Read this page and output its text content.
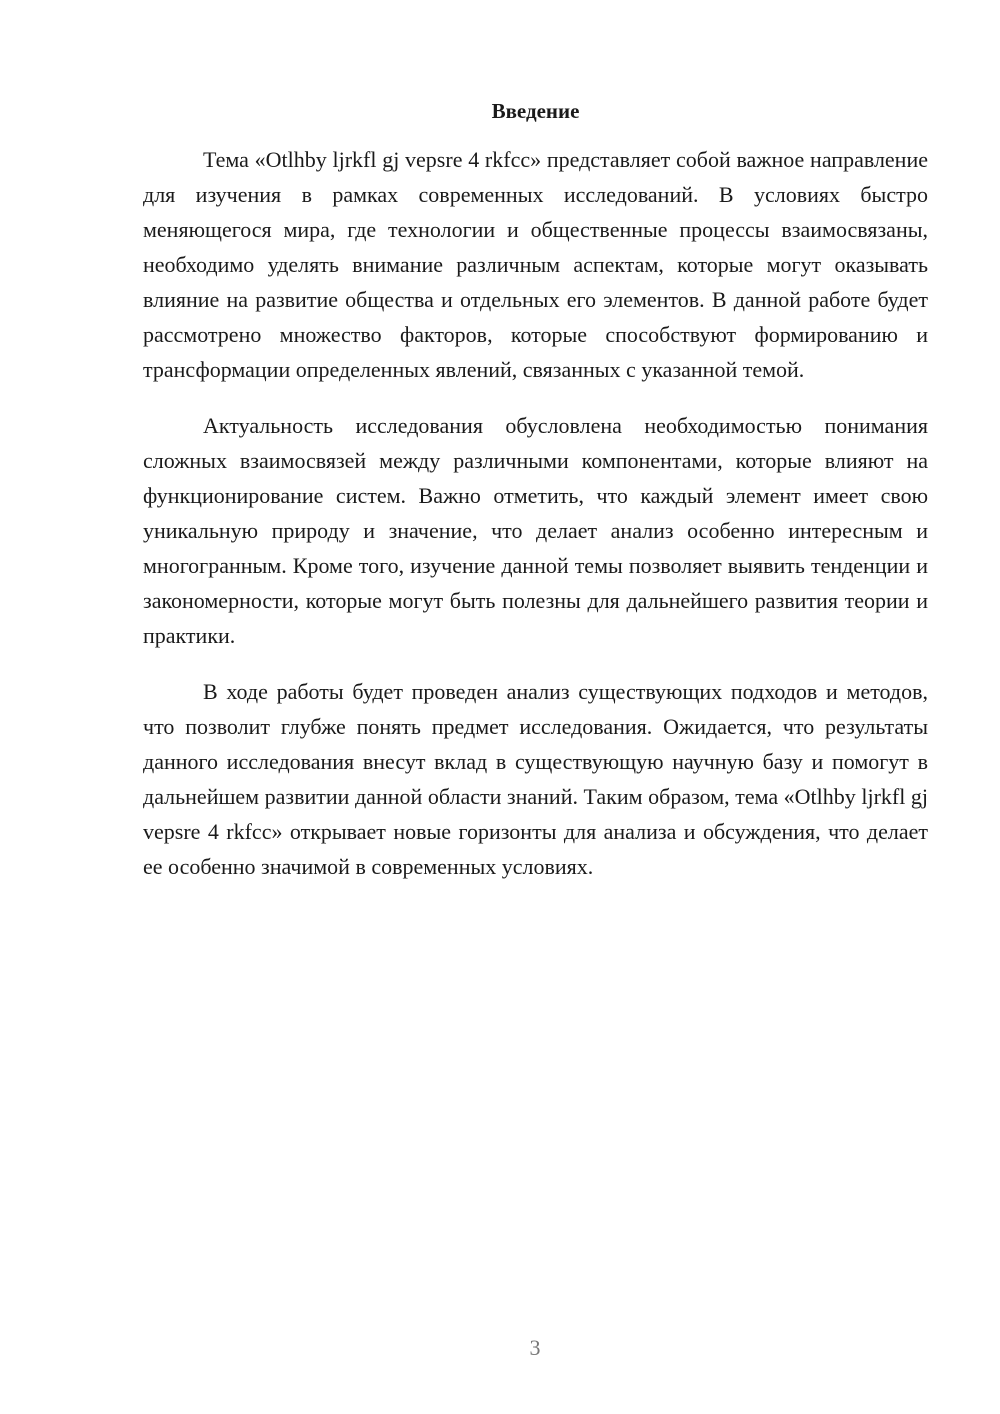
Введение

Тема «Otlhby ljrkfl gj vepsre 4 rkfcc» представляет собой важное направление для изучения в рамках современных исследований. В условиях быстро меняющегося мира, где технологии и общественные процессы взаимосвязаны, необходимо уделять внимание различным аспектам, которые могут оказывать влияние на развитие общества и отдельных его элементов. В данной работе будет рассмотрено множество факторов, которые способствуют формированию и трансформации определенных явлений, связанных с указанной темой.

Актуальность исследования обусловлена необходимостью понимания сложных взаимосвязей между различными компонентами, которые влияют на функционирование систем. Важно отметить, что каждый элемент имеет свою уникальную природу и значение, что делает анализ особенно интересным и многогранным. Кроме того, изучение данной темы позволяет выявить тенденции и закономерности, которые могут быть полезны для дальнейшего развития теории и практики.

В ходе работы будет проведен анализ существующих подходов и методов, что позволит глубже понять предмет исследования. Ожидается, что результаты данного исследования внесут вклад в существующую научную базу и помогут в дальнейшем развитии данной области знаний. Таким образом, тема «Otlhby ljrkfl gj vepsre 4 rkfcc» открывает новые горизонты для анализа и обсуждения, что делает ее особенно значимой в современных условиях.

3
